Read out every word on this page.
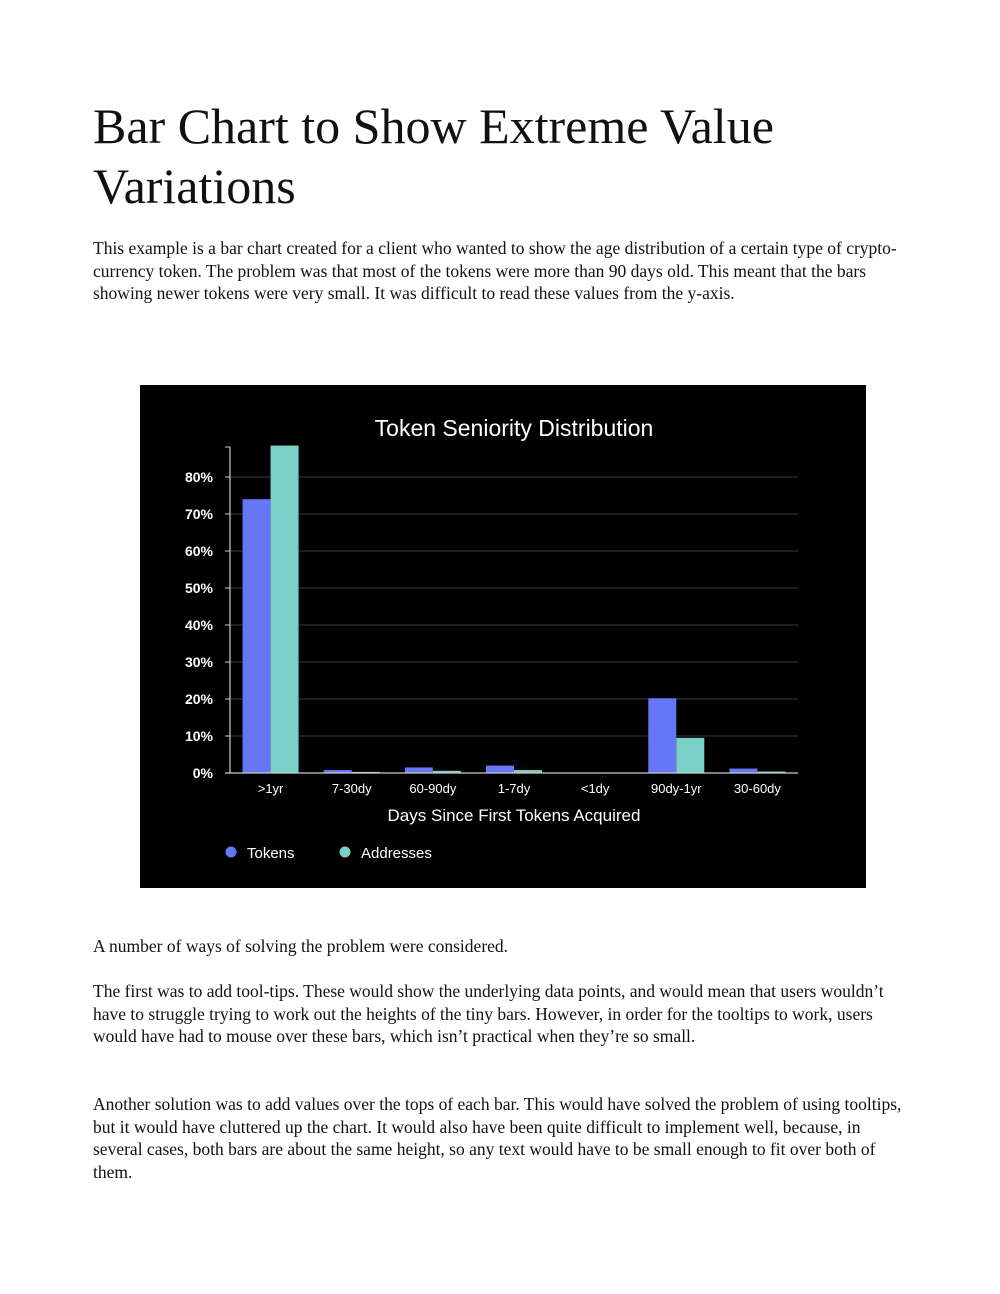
Bar Chart to Show Extreme Value Variations

This example is a bar chart created for a client who wanted to show the age distribution of a certain type of crypto-currency token. The problem was that most of the tokens were more than 90 days old. This meant that the bars showing newer tokens were very small. It was difficult to read these values from the y-axis.

Token Seniority Distribution
0%
10%
20%
30%
40%
50%
60%
70%
80%
>1yr	7-30dy	60-90dy	1-7dy	<1dy	90dy-1yr 30-60dy
Days Since First Tokens Acquired
Tokens	Addresses

A number of ways of solving the problem were considered.

The first was to add tool-tips. These would show the underlying data points, and would mean that users wouldn’t have to struggle trying to work out the heights of the tiny bars. However, in order for the tooltips to work, users would have had to mouse over these bars, which isn’t practical when they’re so small.

Another solution was to add values over the tops of each bar. This would have solved the problem of using tooltips, but it would have cluttered up the chart. It would also have been quite difficult to implement well, because, in several cases, both bars are about the same height, so any text would have to be small enough to fit over both of them.
